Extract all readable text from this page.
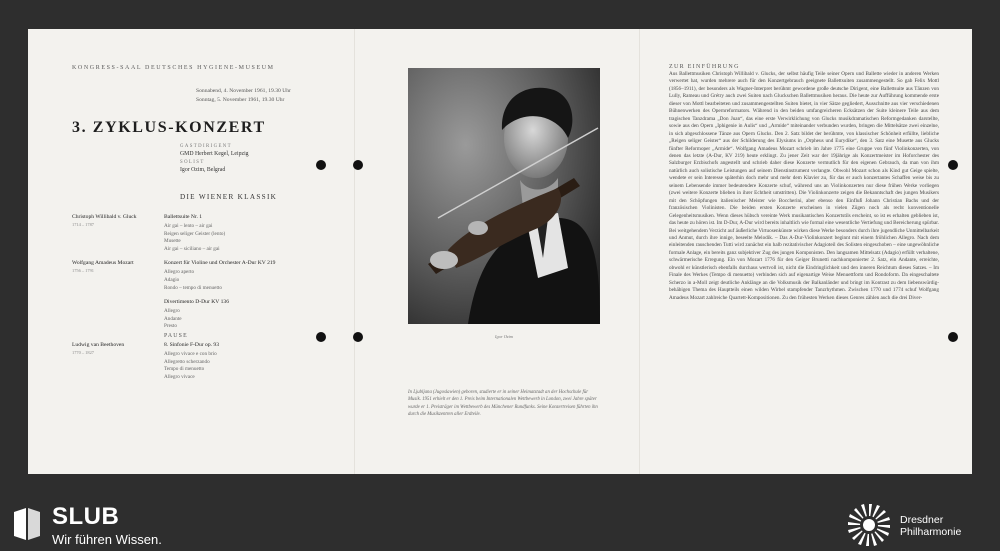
KONGRESS-SAAL DEUTSCHES HYGIENE-MUSEUM
Sonnabend, 4. November 1961, 19.30 Uhr
Sonntag, 5. November 1961, 19.30 Uhr
3. ZYKLUS-KONZERT
GASTDIRIGENT
GMD Herbert Kegel, Leipzig
SOLIST
Igor Ozim, Belgrad
DIE WIENER KLASSIK
Christoph Willibald v. Gluck
1714 – 1787
Ballettsuite Nr. 1
Air gai – lento – air gai
Reigen seliger Geister (lento)
Musette
Air gai – siciliano – air gai
Wolfgang Amadeus Mozart
1756 – 1791
Konzert für Violine und Orchester A-Dur KV 219
Allegro aperto
Adagio
Rondo – tempo di menuetto
Divertimento D-Dur KV 136
Allegro
Andante
Presto
PAUSE
Ludwig van Beethoven
1770 – 1827
8. Sinfonie F-Dur op. 93
Allegro vivace e con brio
Allegretto scherzando
Tempo di menuetto
Allegro vivace
Igor Ozim
In Ljubljana (Jugoslawien) geboren, studierte er in seiner Heimatstadt an der Hochschule für Musik. 1951 erhielt er den 1. Preis beim Internationalen Wettbewerb in London, zwei Jahre später wurde er 1. Preisträger im Wettbewerb des Münchener Rundfunks. Seine Konzertreisen führten ihn durch die Musikzentren aller Erdteile.
ZUR EINFÜHRUNG
Aus Ballettmusiken Christoph Willibald v. Glucks, der selbst häufig Teile seiner Opern und Ballette wieder in anderen Werken verwertet hat, wurden mehrere auch für den Konzertgebrauch geeignete Ballettsuiten zusammengestellt. So gab Felix Mottl (1856–1911), der besonders als Wagner-Interpret berühmt gewordene große deutsche Dirigent, eine Ballettsuite aus Tänzen von Lully, Rameau und Grétry auch zwei Suiten nach Gluckschen Ballettmusiken heraus. Die heute zur Aufführung kommende erste dieser von Mottl bearbeiteten und zusammengestellten Suiten bietet, in vier Sätze gegliedert, Ausschnitte aus vier verschiedenen Bühnenwerken des Opernreformators. Während in den beiden umfangreicheren Ecksätzen der Suite kleinere Teile aus dem tragischen Tanzdrama „Don Juan“, das eine erste Verwirklichung von Glucks musikdramatischen Reformgedanken darstellte, sowie aus den Opern „Iphigenie in Aulis“ und „Armide“ miteinander verbunden wurden, bringen die Mittelsätze zwei einzelne, in sich abgeschlossene Tänze aus Opern Glucks. Den 2. Satz bildet der berühmte, von klassischer Schönheit erfüllte, liebliche „Reigen seliger Geister“ aus der Schilderung des Elysiums in „Orpheus und Eurydike“, den 3. Satz eine Musette aus Glucks fünfter Reformoper „Armide“. Wolfgang Amadeus Mozart schrieb im Jahre 1775 eine Gruppe von fünf Violinkonzerten, von denen das letzte (A-Dur, KV 219) heute erklingt. Zu jener Zeit war der 19jährige als Konzertmeister im Hoforchester des Salzburger Erzbischofs angestellt und schrieb daher diese Konzerte vermutlich für den eigenen Gebrauch, da man von ihm natürlich auch solistische Leistungen auf seinem Dienstinstrument verlangte. Obwohl Mozart schon als Kind gut Geige spielte, wendete er sein Interesse späterhin doch mehr und mehr dem Klavier zu, für das er auch konzertantes Schaffen weise bis zu seinem Lebensende immer bedeutendere Konzerte schuf, während uns an Violinkonzerten nur diese frühen Werke vorliegen (zwei weitere Konzerte blieben in ihrer Echtheit umstritten). Die Violinkonzerte zeigen die Bekanntschaft des jungen Musikers mit den Schöpfungen italienischer Meister wie Boccherini, aber ebenso den Einfluß Johann Christian Bachs und der französischen Violinisten. Die beiden ersten Konzerte erscheinen in vielen Zügen noch als recht konventionelle Gelegenheitsmusiken. Wenn dieses hübsch vereinte Werk musikantischen Konzertstils erscheint, so ist es erhalten geblieben ist, das heute zu hören ist. Im D-Dur, A-Dur wird bereits inhaltlich wie formal eine wesentliche Vertiefung und Bereicherung spürbar. Bei weitgehendem Verzicht auf äußerliche Virtuosenkünste wirken diese Werke besonders durch ihre jugendliche Unmittelbarkeit und Anmut, durch ihre innige, beseelte Melodik. – Das A-Dur-Violinkonzert beginnt mit einem fröhlichen Allegro. Nach dem einleitenden rauschenden Tutti wird zunächst ein halb rezitativischer Adagioteil des Solisten eingeschoben – eine ungewöhnliche formale Anlage, ein bereits ganz subjektiver Zug des jungen Komponisten. Den langsamen Mittelsatz (Adagio) erfüllt verhaltene, schwärmerische Erregung. Ein von Mozart 1776 für den Geiger Brunetti nachkomponierter 2. Satz, ein Andante, erreichte, obwohl er künstlerisch ebenfalls durchaus wertvoll ist, nicht die Eindringlichkeit und den inneren Reichtum dieses Satzes. – Im Finale des Werkes (Tempo di menuetto) verbinden sich auf eigenartige Weise Menuettform und Rondoform. Da eingeschaltete Scherzo in a-Moll zeigt deutliche Anklänge an die Volksmusik der Balkanländer und bringt im Kontrast zu dem liebenswürdig-behäbigen Thema des Hauptteils einen wilden Wirbel stampfender Tanzrhythmen. Zwischen 1770 und 1774 schuf Wolfgang Amadeus Mozart zahlreiche Quartett-Kompositionen. Zu den frühesten Werken dieses Genres zählen auch die drei Diver-
SLUB
Wir führen Wissen.
Dresdner
Philharmonie
